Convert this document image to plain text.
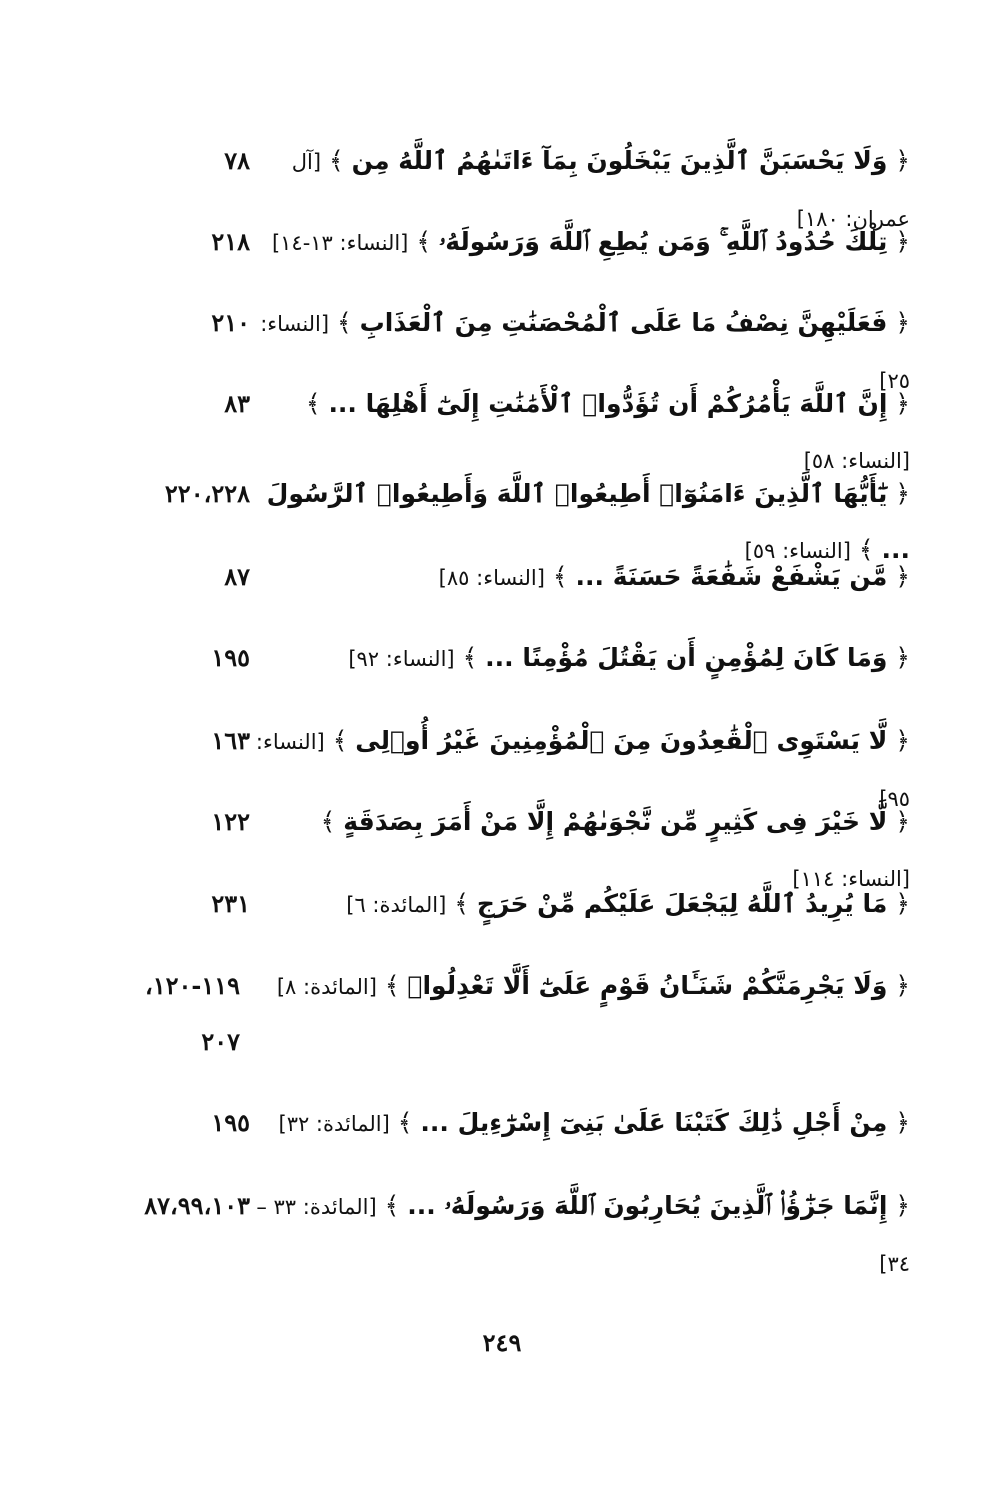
﴿ وَلَا يَحْسَبَنَّ ٱلَّذِينَ يَبْخَلُونَ بِمَآ ءَاتَىٰهُمُ ٱللَّهُ مِن ﴾ [آل عمران: ١٨٠]
٧٨
﴿ تِلْكَ حُدُودُ ٱللَّهِ ۚ وَمَن يُطِعِ ٱللَّهَ وَرَسُولَهُۥ ﴾ [النساء: ١٣-١٤]
٢١٨
﴿ فَعَلَيْهِنَّ نِصْفُ مَا عَلَى ٱلْمُحْصَنَٰتِ مِنَ ٱلْعَذَابِ ﴾ [النساء: ٢٥]
٢١٠
﴿ إِنَّ ٱللَّهَ يَأْمُرُكُمْ أَن تُؤَدُّوا۟ ٱلْأَمَٰنَٰتِ إِلَىٰٓ أَهْلِهَا ... ﴾ [النساء: ٥٨]
٨٣
﴿ يَٰٓأَيُّهَا ٱلَّذِينَ ءَامَنُوٓا۟ أَطِيعُوا۟ ٱللَّهَ وَأَطِيعُوا۟ ٱلرَّسُولَ ... ﴾ [النساء: ٥٩]
٢٢٠،٢٢٨
﴿ مَّن يَشْفَعْ شَفَٰعَةً حَسَنَةً ... ﴾ [النساء: ٨٥]
٨٧
﴿ وَمَا كَانَ لِمُؤْمِنٍ أَن يَقْتُلَ مُؤْمِنًا ... ﴾ [النساء: ٩٢]
١٩٥
﴿ لَّا يَسْتَوِى ٱلْقَٰعِدُونَ مِنَ ٱلْمُؤْمِنِينَ غَيْرُ أُو۟لِى ﴾ [النساء: ٩٥]
١٦٣
﴿ لَّا خَيْرَ فِى كَثِيرٍ مِّن نَّجْوَىٰهُمْ إِلَّا مَنْ أَمَرَ بِصَدَقَةٍ ﴾ [النساء: ١١٤]
١٢٢
﴿ مَا يُرِيدُ ٱللَّهُ لِيَجْعَلَ عَلَيْكُم مِّنْ حَرَجٍ ﴾ [المائدة: ٦]
٢٣١
﴿ وَلَا يَجْرِمَنَّكُمْ شَنَـَٔانُ قَوْمٍ عَلَىٰٓ أَلَّا تَعْدِلُوا۟ ﴾ [المائدة: ٨]
١١٩-١٢٠، ٢٠٧
﴿ مِنْ أَجْلِ ذَٰلِكَ كَتَبْنَا عَلَىٰ بَنِىٓ إِسْرَٰٓءِيلَ ... ﴾ [المائدة: ٣٢]
١٩٥
﴿ إِنَّمَا جَزَٰٓؤُا۟ ٱلَّذِينَ يُحَارِبُونَ ٱللَّهَ وَرَسُولَهُۥ ... ﴾ [المائدة: ٣٣ – ٣٤]
٨٧،٩٩،١٠٣
٢٤٩
